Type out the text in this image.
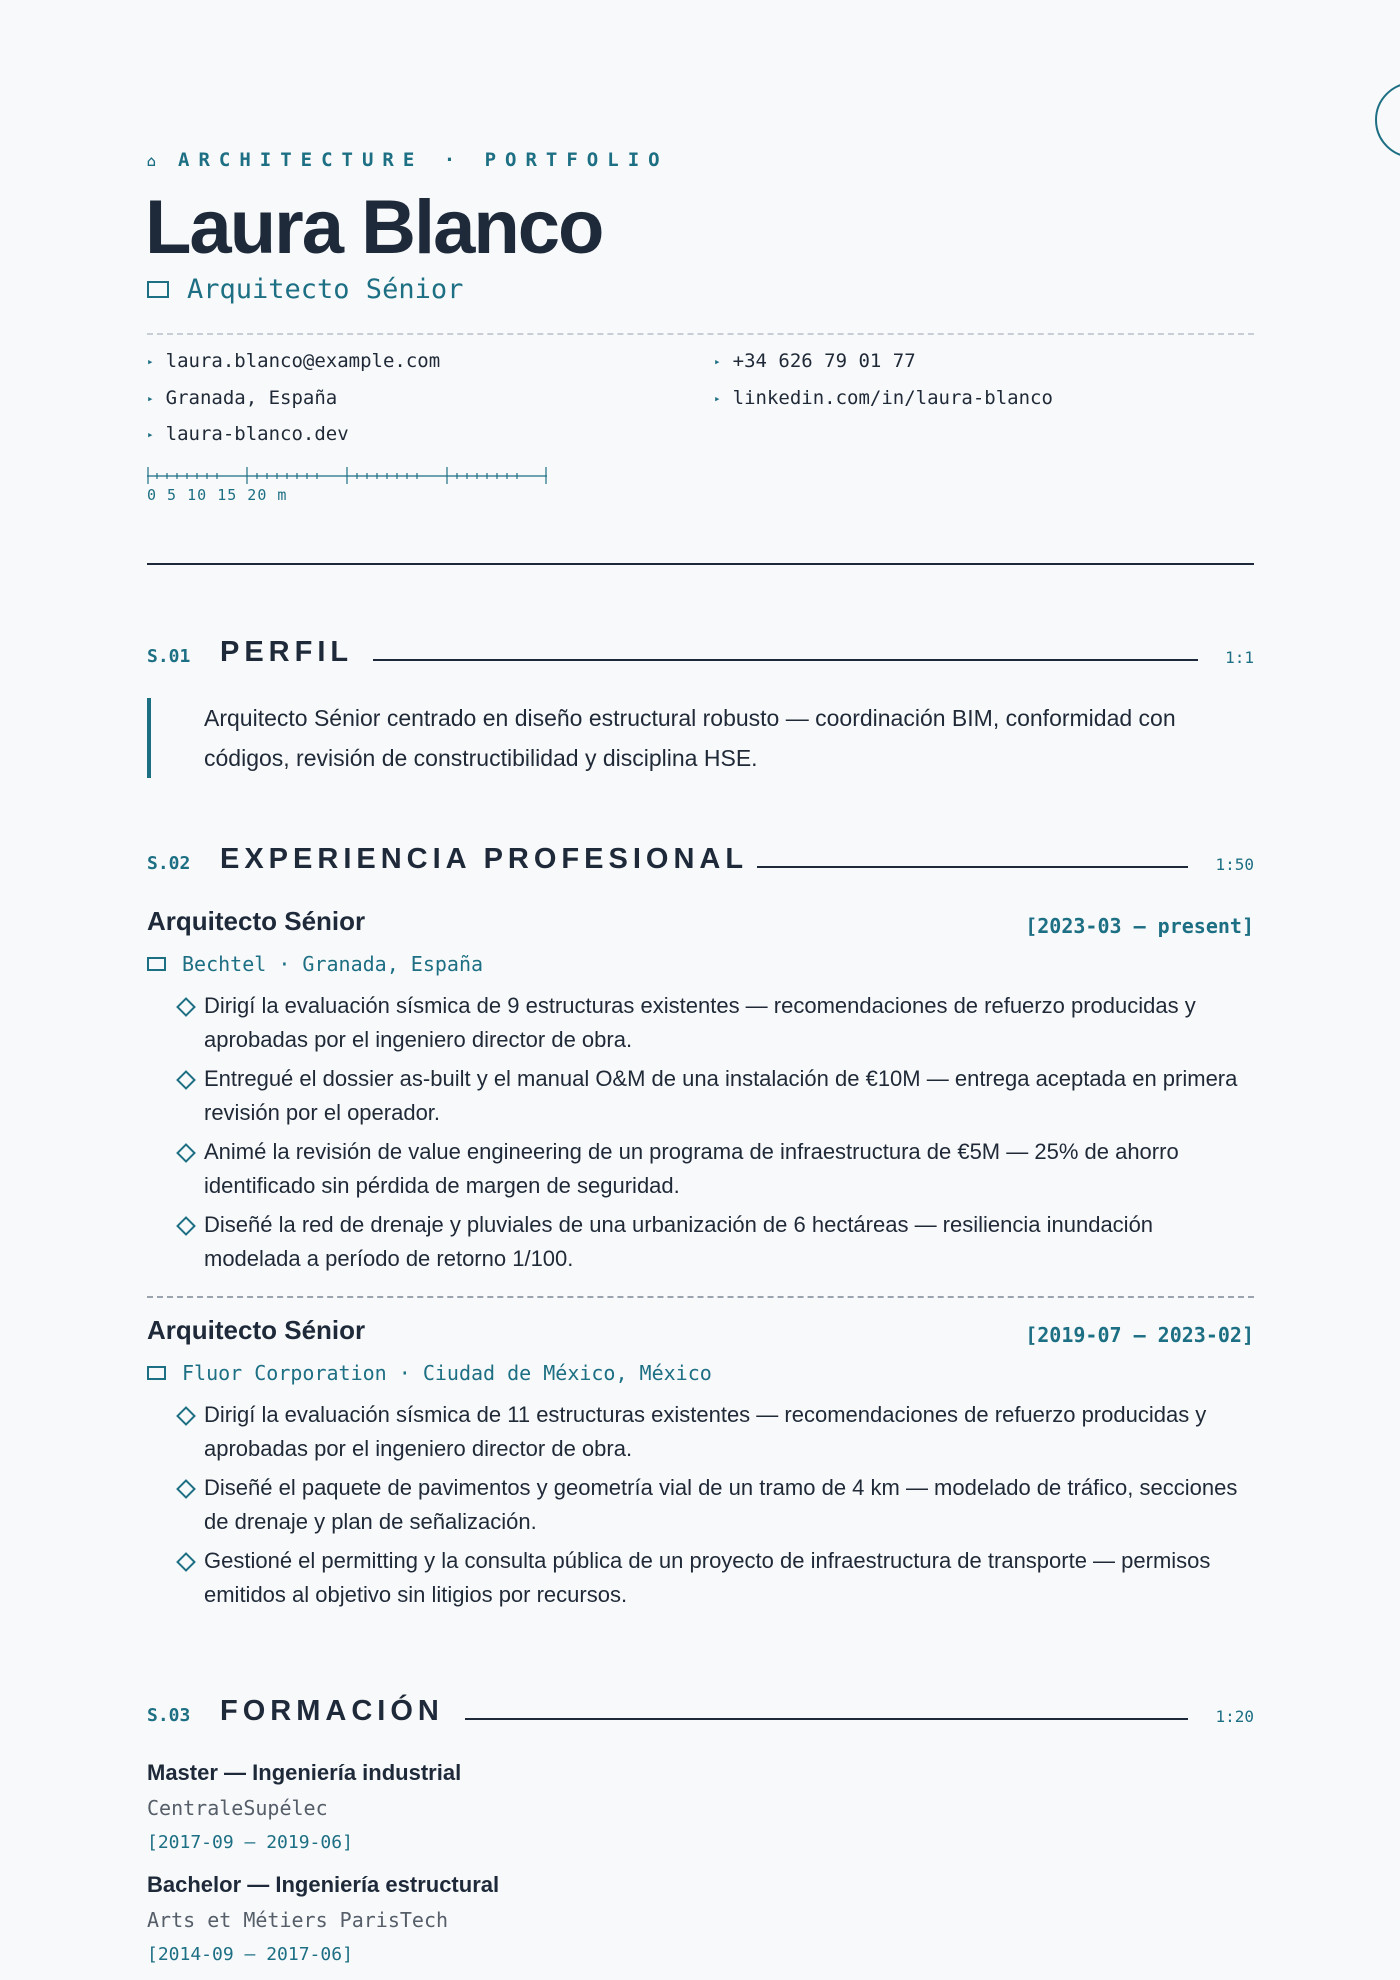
⌂ ARCHITECTURE · PORTFOLIO
Laura Blanco
Arquitecto Sénior
▸ laura.blanco@example.com	▸ +34 626 79 01 77
▸ Granada, España	▸ linkedin.com/in/laura-blanco
▸ laura-blanco.dev
0 5 10 15 20 m
S.01 PERFIL	1:1

Arquitecto Sénior centrado en diseño estructural robusto — coordinación BIM, conformidad con códigos, revisión de constructibilidad y disciplina HSE.

S.02 EXPERIENCIA PROFESIONAL	1:50
Arquitecto Sénior	[2023-03 — present]
Bechtel · Granada, España
Dirigí la evaluación sísmica de 9 estructuras existentes — recomendaciones de refuerzo producidas y aprobadas por el ingeniero director de obra.
Entregué el dossier as-built y el manual O&M de una instalación de €10M — entrega aceptada en primera revisión por el operador.
Animé la revisión de value engineering de un programa de infraestructura de €5M — 25% de ahorro identificado sin pérdida de margen de seguridad.
Diseñé la red de drenaje y pluviales de una urbanización de 6 hectáreas — resiliencia inundación modelada a período de retorno 1/100.
Arquitecto Sénior	[2019-07 — 2023-02]
Fluor Corporation · Ciudad de México, México
Dirigí la evaluación sísmica de 11 estructuras existentes — recomendaciones de refuerzo producidas y aprobadas por el ingeniero director de obra.
Diseñé el paquete de pavimentos y geometría vial de un tramo de 4 km — modelado de tráfico, secciones de drenaje y plan de señalización.
Gestioné el permitting y la consulta pública de un proyecto de infraestructura de transporte — permisos emitidos al objetivo sin litigios por recursos.
S.03 FORMACIÓN	1:20
Master — Ingeniería industrial
CentraleSupélec
[2017-09 – 2019-06]
Bachelor — Ingeniería estructural
Arts et Métiers ParisTech
[2014-09 – 2017-06]
